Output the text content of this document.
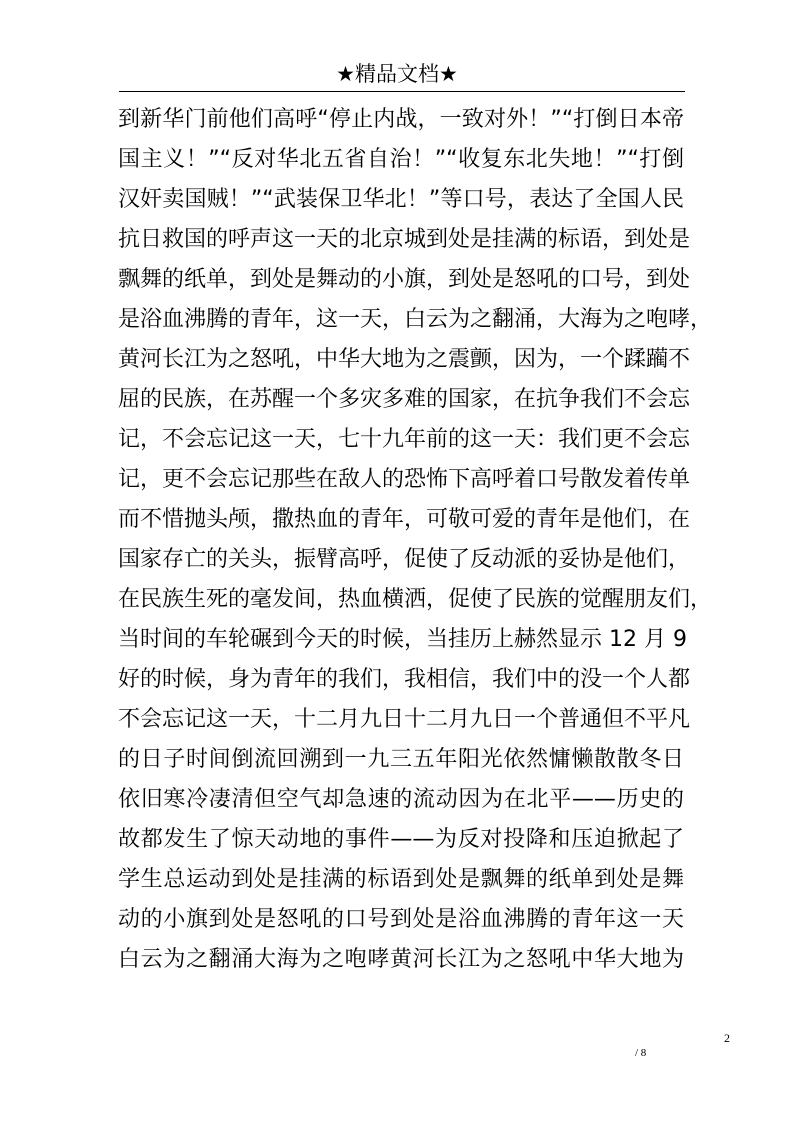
★精品文档★
到新华门前他们高呼“停止内战，一致对外！”“打倒日本帝
国主义！”“反对华北五省自治！”“收复东北失地！”“打倒
汉奸卖国贼！”“武装保卫华北！”等口号，表达了全国人民
抗日救国的呼声这一天的北京城到处是挂满的标语，到处是
飘舞的纸单，到处是舞动的小旗，到处是怒吼的口号，到处
是浴血沸腾的青年，这一天，白云为之翻涌，大海为之咆哮，
黄河长江为之怒吼，中华大地为之震颤，因为，一个蹂躏不
屈的民族，在苏醒一个多灾多难的国家，在抗争我们不会忘
记，不会忘记这一天，七十九年前的这一天：我们更不会忘
记，更不会忘记那些在敌人的恐怖下高呼着口号散发着传单
而不惜抛头颅，撒热血的青年，可敬可爱的青年是他们，在
国家存亡的关头，振臂高呼，促使了反动派的妥协是他们，
在民族生死的毫发间，热血横洒，促使了民族的觉醒朋友们，
当时间的车轮碾到今天的时候，当挂历上赫然显示 12 月 9
好的时候，身为青年的我们，我相信，我们中的没一个人都
不会忘记这一天，十二月九日十二月九日一个普通但不平凡
的日子时间倒流回溯到一九三五年阳光依然慵懒散散冬日
依旧寒冷凄清但空气却急速的流动因为在北平——历史的
故都发生了惊天动地的事件——为反对投降和压迫掀起了
学生总运动到处是挂满的标语到处是飘舞的纸单到处是舞
动的小旗到处是怒吼的口号到处是浴血沸腾的青年这一天
白云为之翻涌大海为之咆哮黄河长江为之怒吼中华大地为
2
/ 8
